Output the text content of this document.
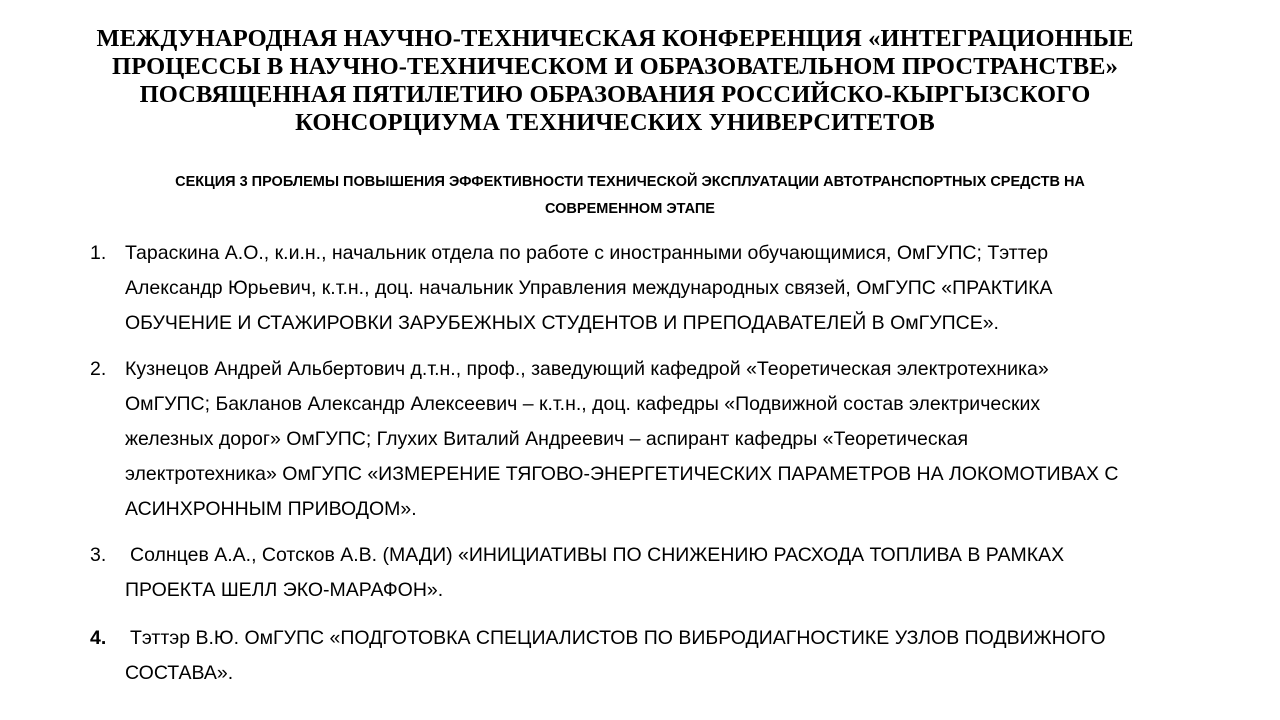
МЕЖДУНАРОДНАЯ НАУЧНО-ТЕХНИЧЕСКАЯ КОНФЕРЕНЦИЯ «ИНТЕГРАЦИОННЫЕ
ПРОЦЕССЫ В НАУЧНО-ТЕХНИЧЕСКОМ И ОБРАЗОВАТЕЛЬНОМ ПРОСТРАНСТВЕ»
ПОСВЯЩЕННАЯ ПЯТИЛЕТИЮ ОБРАЗОВАНИЯ РОССИЙСКО-КЫРГЫЗСКОГО
КОНСОРЦИУМА ТЕХНИЧЕСКИХ УНИВЕРСИТЕТОВ
СЕКЦИЯ 3 ПРОБЛЕМЫ ПОВЫШЕНИЯ ЭФФЕКТИВНОСТИ ТЕХНИЧЕСКОЙ ЭКСПЛУАТАЦИИ АВТОТРАНСПОРТНЫХ СРЕДСТВ НА
СОВРЕМЕННОМ ЭТАПЕ
1. Тараскина А.О., к.и.н., начальник отдела по работе с иностранными обучающимися, ОмГУПС; Тэттер
Александр Юрьевич, к.т.н., доц. начальник Управления международных связей, ОмГУПС «ПРАКТИКА
ОБУЧЕНИЕ И СТАЖИРОВКИ ЗАРУБЕЖНЫХ СТУДЕНТОВ И ПРЕПОДАВАТЕЛЕЙ В ОмГУПСЕ».
2. Кузнецов Андрей Альбертович д.т.н., проф., заведующий кафедрой «Теоретическая электротехника»
ОмГУПС; Бакланов Александр Алексеевич – к.т.н., доц. кафедры «Подвижной состав электрических
железных дорог» ОмГУПС; Глухих Виталий Андреевич – аспирант кафедры «Теоретическая
электротехника» ОмГУПС «ИЗМЕРЕНИЕ ТЯГОВО-ЭНЕРГЕТИЧЕСКИХ ПАРАМЕТРОВ НА ЛОКОМОТИВАХ С
АСИНХРОННЫМ ПРИВОДОМ».
3. Солнцев А.А., Сотсков А.В. (МАДИ) «ИНИЦИАТИВЫ ПО СНИЖЕНИЮ РАСХОДА ТОПЛИВА В РАМКАХ
ПРОЕКТА ШЕЛЛ ЭКО-МАРАФОН».
4. Тэттэр В.Ю. ОмГУПС «ПОДГОТОВКА СПЕЦИАЛИСТОВ ПО ВИБРОДИАГНОСТИКЕ УЗЛОВ ПОДВИЖНОГО
СОСТАВА».
